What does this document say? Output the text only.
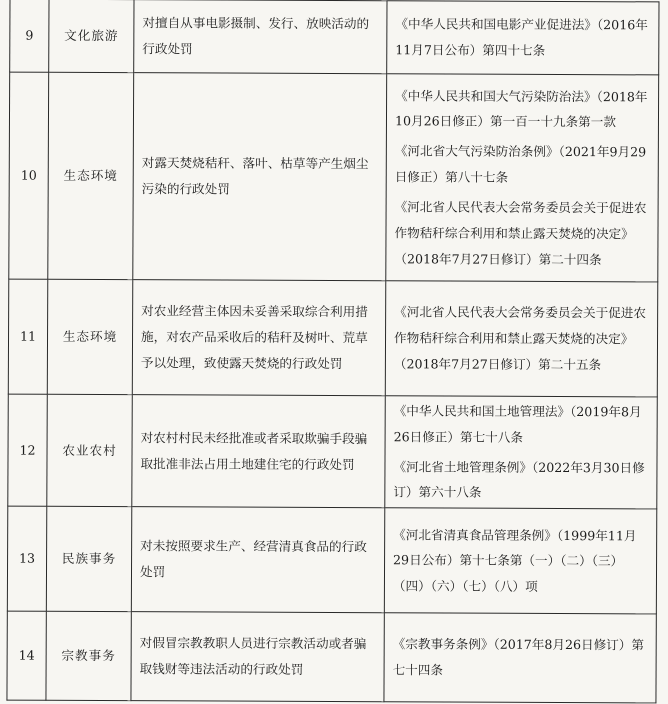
9	文化旅游	对擅自从事电影摄制、发行、放映活动的行政处罚	《中华人民共和国电影产业促进法》（2016年11月7日公布）第四十七条

10	生态环境	对露天焚烧秸秆、落叶、枯草等产生烟尘污染的行政处罚	《中华人民共和国大气污染防治法》（2018年10月26日修正）第一百一十九条第一款
《河北省大气污染防治条例》（2021年9月29日修正）第八十七条
《河北省人民代表大会常务委员会关于促进农作物秸秆综合利用和禁止露天焚烧的决定》（2018年7月27日修订）第二十四条

11	生态环境	对农业经营主体因未妥善采取综合利用措施，对农产品采收后的秸秆及树叶、荒草予以处理，致使露天焚烧的行政处罚	《河北省人民代表大会常务委员会关于促进农作物秸秆综合利用和禁止露天焚烧的决定》（2018年7月27日修订）第二十五条

12	农业农村	对农村村民未经批准或者采取欺骗手段骗取批准非法占用土地建住宅的行政处罚	《中华人民共和国土地管理法》（2019年8月26日修正）第七十八条
《河北省土地管理条例》（2022年3月30日修订）第六十八条

13	民族事务	对未按照要求生产、经营清真食品的行政处罚	《河北省清真食品管理条例》（1999年11月29日公布）第十七条第（一）（二）（三）（四）（六）（七）（八）项

14	宗教事务	对假冒宗教教职人员进行宗教活动或者骗取钱财等违法活动的行政处罚	《宗教事务条例》（2017年8月26日修订）第七十四条
